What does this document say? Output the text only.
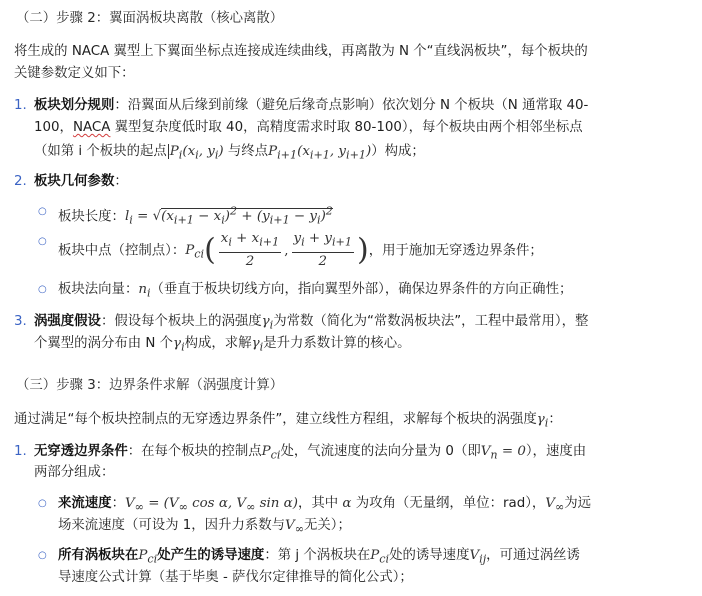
（二）步骤 2：翼面涡板块离散（核心离散）
将生成的 NACA 翼型上下翼面坐标点连接成连续曲线，再离散为 N 个“直线涡板块”，每个板块的
关键参数定义如下：
1. 板块划分规则：沿翼面从后缘到前缘（避免后缘奇点影响）依次划分 N 个板块（N 通常取 40-
100，NACA 翼型复杂度低时取 40，高精度需求时取 80-100），每个板块由两个相邻坐标点
（如第 i 个板块的起点 $P_i(x_i$, $y_i$) 与终点$P_{i+1}(x_{i+1}$, $y_{i+1}$)）构成；
2. 板块几何参数：
○ 板块长度：$l_i = √(x_{i+1} - x_i)^2 + (y_{i+1} - y_i)^2$
○
板块中点（控制点）：$P_{ci}( \frac{x_i + x_{i+1}}{2}$ , $\frac{y_i + y_{i+1}}{2}$ )，用于施加无穿透边界条件；
○ 板块法向量：$n_i$（垂直于板块切线方向，指向翼型外部），确保边界条件的方向正确性；
3. 涡强度假设：假设每个板块上的涡强度$\gamma_i$为常数（简化为“常数涡板块法”，工程中最常用），整
个翼型的涡分布由 N 个$\gamma_i$构成，求解$\gamma_i$是升力系数计算的核心。
（三）步骤 3：边界条件求解（涡强度计算）
通过满足“每个板块控制点的无穿透边界条件”，建立线性方程组，求解每个板块的涡强度$\gamma_i$：
1. 无穿透边界条件：在每个板块的控制点$P_{ci}$处，气流速度的法向分量为 0（即$V_n = 0$），速度由
两部分组成：
○ 来流速度：$V_\infty = (V_\infty$ cos α, $V_\infty$ sin α)，其中 α 为攻角（无量纲，单位：rad），$V_\infty$为远
场来流速度（可设为 1，因升力系数与$V_\infty$无关）；
○ 所有涡板块在$P_{ci}$处产生的诱导速度：第 j 个涡板块在$P_{ci}$处的诱导速度$V_{ij}$，可通过涡丝诱
导速度公式计算（基于毕奥 - 萨伐尔定律推导的简化公式）；
